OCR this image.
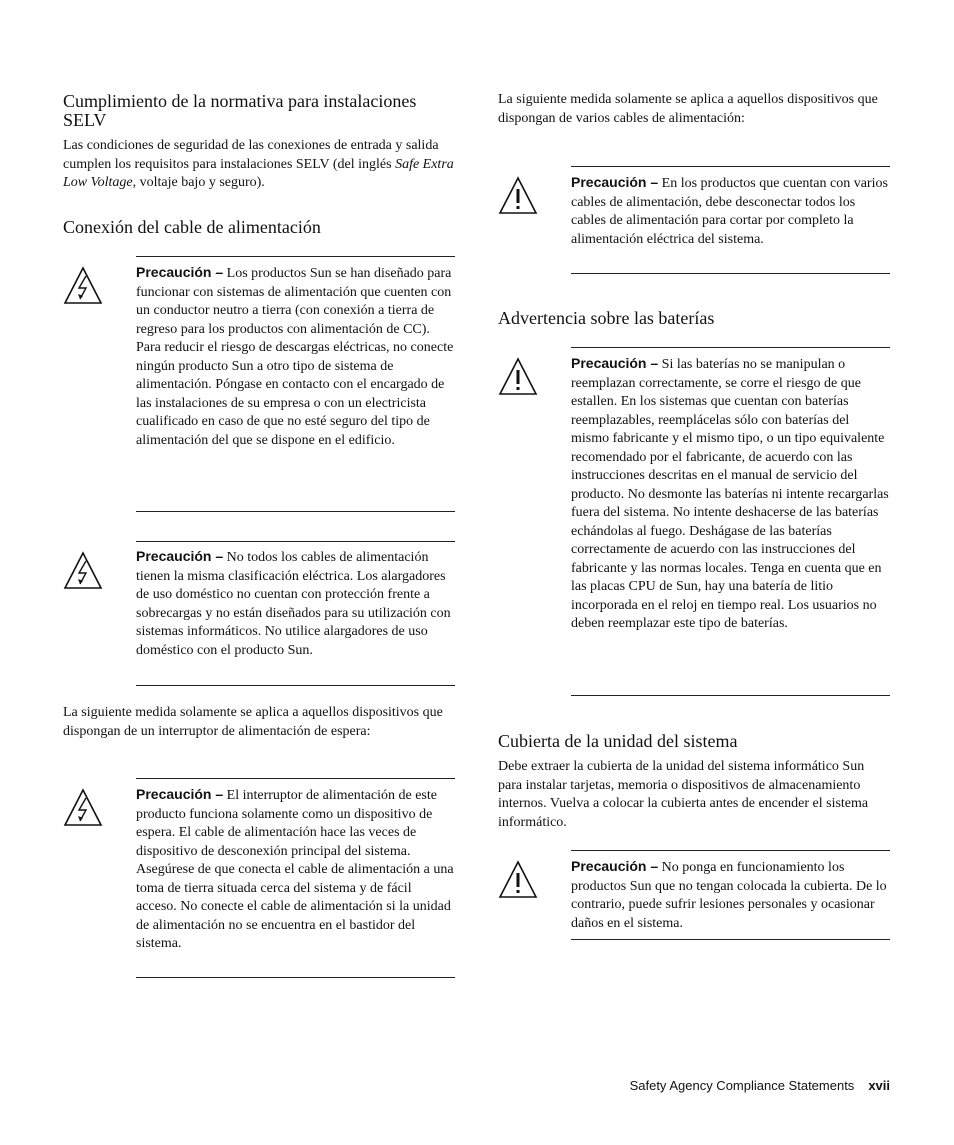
Cumplimiento de la normativa para instalaciones SELV

Las condiciones de seguridad de las conexiones de entrada y salida cumplen los requisitos para instalaciones SELV (del inglés Safe Extra Low Voltage, voltaje bajo y seguro).

Conexión del cable de alimentación
Precaución – Los productos Sun se han diseñado para funcionar con sistemas de alimentación que cuenten con un conductor neutro a tierra (con conexión a tierra de regreso para los productos con alimentación de CC). Para reducir el riesgo de descargas eléctricas, no conecte ningún producto Sun a otro tipo de sistema de alimentación. Póngase en contacto con el encargado de las instalaciones de su empresa o con un electricista cualificado en caso de que no esté seguro del tipo de alimentación del que se dispone en el edificio.
Precaución – No todos los cables de alimentación tienen la misma clasificación eléctrica. Los alargadores de uso doméstico no cuentan con protección frente a sobrecargas y no están diseñados para su utilización con sistemas informáticos. No utilice alargadores de uso doméstico con el producto Sun.

La siguiente medida solamente se aplica a aquellos dispositivos que dispongan de un interruptor de alimentación de espera:

Precaución – El interruptor de alimentación de este producto funciona solamente como un dispositivo de espera. El cable de alimentación hace las veces de dispositivo de desconexión principal del sistema. Asegúrese de que conecta el cable de alimentación a una toma de tierra situada cerca del sistema y de fácil acceso. No conecte el cable de alimentación si la unidad de alimentación no se encuentra en el bastidor del sistema.

La siguiente medida solamente se aplica a aquellos dispositivos que dispongan de varios cables de alimentación:

Precaución – En los productos que cuentan con varios cables de alimentación, debe desconectar todos los cables de alimentación para cortar por completo la alimentación eléctrica del sistema.
Advertencia sobre las baterías
Precaución – Si las baterías no se manipulan o reemplazan correctamente, se corre el riesgo de que estallen. En los sistemas que cuentan con baterías reemplazables, reemplácelas sólo con baterías del mismo fabricante y el mismo tipo, o un tipo equivalente recomendado por el fabricante, de acuerdo con las instrucciones descritas en el manual de servicio del producto. No desmonte las baterías ni intente recargarlas fuera del sistema. No intente deshacerse de las baterías echándolas al fuego. Deshágase de las baterías correctamente de acuerdo con las instrucciones del fabricante y las normas locales. Tenga en cuenta que en las placas CPU de Sun, hay una batería de litio incorporada en el reloj en tiempo real. Los usuarios no deben reemplazar este tipo de baterías.
Cubierta de la unidad del sistema

Debe extraer la cubierta de la unidad del sistema informático Sun para instalar tarjetas, memoria o dispositivos de almacenamiento internos. Vuelva a colocar la cubierta antes de encender el sistema informático.

Precaución – No ponga en funcionamiento los productos Sun que no tengan colocada la cubierta. De lo contrario, puede sufrir lesiones personales y ocasionar daños en el sistema.
Safety Agency Compliance Statements xvii
